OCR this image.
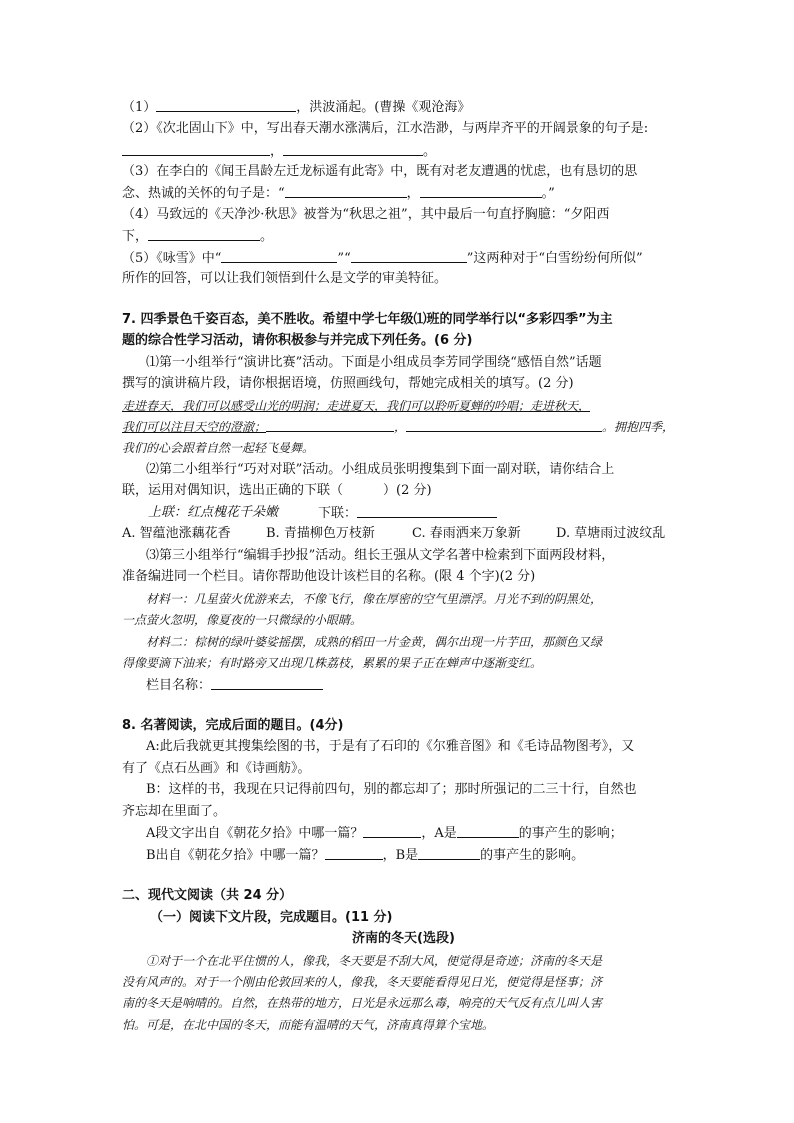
（1）	，洪波涌起。(曹操《观沧海》
（2）《次北固山下》中，写出春天潮水涨满后，江水浩渺，与两岸齐平的开阔景象的句子是:
，	。
（3）在李白的《闻王昌龄左迁龙标遥有此寄》中，既有对老友遭遇的忧虑，也有恳切的思
念、热诚的关怀的句子是：“	，	。”
（4）马致远的《天净沙·秋思》被誉为“秋思之祖”，其中最后一句直抒胸臆：“夕阳西
下，	。
（5）《咏雪》中“	”“	”这两种对于“白雪纷纷何所似”
所作的回答，可以让我们领悟到什么是文学的审美特征。
7. 四季景色千姿百态，美不胜收。希望中学七年级⑴班的同学举行以“多彩四季”为主
题的综合性学习活动，请你积极参与并完成下列任务。(6 分)
⑴第一小组举行“演讲比赛”活动。下面是小组成员李芳同学围绕“感悟自然”话题
撰写的演讲稿片段，请你根据语境，仿照画线句，帮她完成相关的填写。(2 分)
走进春天，我们可以感受山光的明润；走进夏天，我们可以聆听夏蝉的吟唱；走进秋天，
我们可以注目天空的澄澈；	，	。拥抱四季，
我们的心会跟着自然一起轻飞曼舞。
⑵第二小组举行“巧对对联”活动。小组成员张明搜集到下面一副对联，请你结合上
联，运用对偶知识，选出正确的下联（	）(2 分)
上联：红点槐花千朵嫩	下联：
A. 智蕴池涨藕花香	B. 青描柳色万枝新	C. 春雨洒来万象新	D. 草塘雨过波纹乱
⑶第三小组举行“编辑手抄报”活动。组长王强从文学名著中检索到下面两段材料，
准备编进同一个栏目。请你帮助他设计该栏目的名称。(限 4 个字)(2 分)
材料一：几星萤火优游来去，不像飞行，像在厚密的空气里漂浮。月光不到的阴黑处，
一点萤火忽明，像夏夜的一只微绿的小眼睛。
材料二：棕树的绿叶婆娑摇摆，成熟的稻田一片金黄，偶尔出现一片芋田，那颜色又绿
得像要滴下油来；有时路旁又出现几株荔枝，累累的果子正在蝉声中逐渐变红。
栏目名称：
8. 名著阅读，完成后面的题目。(4分)
A:此后我就更其搜集绘图的书，于是有了石印的《尔雅音图》和《毛诗品物图考》，又
有了《点石丛画》和《诗画舫》。
B：这样的书，我现在只记得前四句，别的都忘却了；那时所强记的二三十行，自然也
齐忘却在里面了。
A段文字出自《朝花夕拾》中哪一篇？	，A是	的事产生的影响；
B出自《朝花夕拾》中哪一篇？	，B是	的事产生的影响。
二、现代文阅读（共 24 分）
（一）阅读下文片段，完成题目。(11 分)
济南的冬天(选段)
①对于一个在北平住惯的人，像我，冬天要是不刮大风，便觉得是奇迹；济南的冬天是
没有风声的。对于一个刚由伦敦回来的人，像我，冬天要能看得见日光，便觉得是怪事；济
南的冬天是响晴的。自然，在热带的地方，日光是永远那么毒，响亮的天气反有点儿叫人害
怕。可是，在北中国的冬天，而能有温晴的天气，济南真得算个宝地。
